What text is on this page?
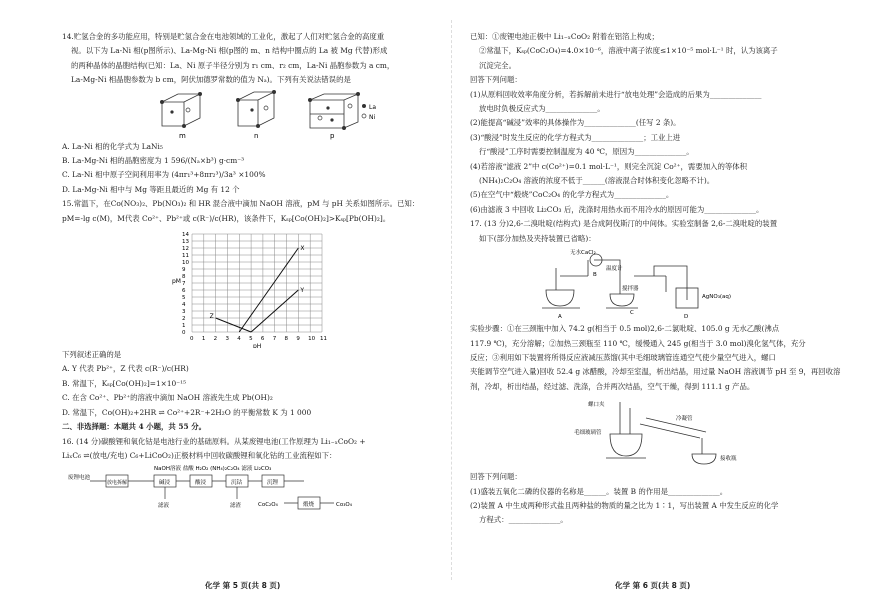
14.贮氢合金的多功能应用，特别是贮氢合金在电池领域的工业化，激起了人们对贮氢合金的高度重

视。以下为 La-Ni 相(p图所示)、La-Mg-Ni 相(p图的 m、n 结构中圈点的 La 被 Mg 代替)形成

的两种晶体的晶胞结构(已知：La、Ni 原子半径分别为 r₁ cm、r₂ cm，La-Ni 晶胞参数为 a cm，

La-Mg-Ni 相晶胞参数为 b cm，阿伏加德罗常数的值为 Nₐ)。下列有关说法错误的是

m	n	p
La
Ni

A. La-Ni 相的化学式为 LaNi₅

B. La-Mg-Ni 相的晶胞密度为 1 596/(Nₐ×b³) g·cm⁻³

C. La-Ni 相中原子空间利用率为 (4πr₁³+8πr₂³)/3a³ ×100%

D. La-Mg-Ni 相中与 Mg 等距且最近的 Mg 有 12 个

15.常温下，在Co(NO₃)₂、Pb(NO₃)₂ 和 HR 混合液中滴加 NaOH 溶液，pM 与 pH 关系如图所示。已知：

pM=-lg c(M)，M代表 Co²⁺、Pb²⁺或 c(R⁻)/c(HR)，该条件下，Kₛₚ[Co(OH)₂]>Kₛₚ[Pb(OH)₂]。

0 1 2 3 4 5 6 7 8 9 10 11
0
1
2
3
4
5
6
7
8
9
10
11
12
13
14
pH
pM
X
Y
Z

下列叙述正确的是

A. Y 代表 Pb²⁺，Z 代表 c(R⁻)/c(HR)

B. 常温下，Kₛₚ[Co(OH)₂]=1×10⁻¹⁵

C. 在含 Co²⁺、Pb²⁺的溶液中滴加 NaOH 溶液先生成 Pb(OH)₂

D. 常温下，Co(OH)₂+2HR ⇌ Co²⁺+2R⁻+2H₂O 的平衡常数 K 为 1 000

二、非选择题：本题共 4 小题，共 55 分。

16. (14 分)碳酸锂和氧化钴是电池行业的基础原料。从某废锂电池(工作原理为 Li₁₋ₓCoO₂ +

LiₓC₆ ⇌(放电/充电) C₆+LiCoO₂)正极材料中回收碳酸锂和氧化钴的工业流程如下：

NaOH溶液 盐酸 H₂O₂ (NH₄)₂C₂O₄ 滤液 Li₂CO₃
废锂电池
放电拆解	碱浸	酸浸	沉钴	沉锂
煅烧
滤液	滤渣	CoC₂O₄	Co₃O₄

已知：①废锂电池正极中 Li₁₋ₓCoO₂ 附着在铝箔上构成；

②常温下，Kₛₚ(CoC₂O₄)=4.0×10⁻⁶，溶液中离子浓度≤1×10⁻⁵ mol·L⁻¹ 时，认为该离子

沉淀完全。

回答下列问题：

(1)从原料回收效率角度分析，若拆解前未进行“放电处理”会造成的后果为______________

放电时负极反应式为______________。

(2)能提高“碱浸”效率的具体操作为______________(任写 2 条)。

(3)“酸浸”时发生反应的化学方程式为______________；工业上进

行“酸浸”工序时需要控制温度为 40 ℃，原因为______________。

(4)若溶液“滤液 2”中 c(Co²⁺)=0.1 mol·L⁻¹，则完全沉淀 Co²⁺，需要加入的等体积

(NH₄)₂C₂O₄ 溶液的浓度不低于______(溶液混合时体积变化忽略不计)。

(5)在空气中“煅烧”CoC₂O₄ 的化学方程式为______________。

(6)由滤液 3 中回收 Li₂CO₃ 后，洗涤时用热水而不用冷水的原因可能为______________。

17. (13 分)2,6-二溴吡啶(结构式) 是合成阿伐斯汀的中间体。实验室制备 2,6-二溴吡啶的装置

如下(部分加热及夹持装置已省略)：

无水CaCl₂
B
C
AgNO₃(aq)
D
A
温度计
搅拌器

实验步骤：①在三颈瓶中加入 74.2 g(相当于 0.5 mol)2,6-二氯吡啶、105.0 g 无水乙酸(沸点

117.9 ℃)，充分溶解；②加热三颈瓶至 110 ℃，缓慢通入 245 g(相当于 3.0 mol)溴化氢气体，充分

反应；③利用如下装置将所得反应液减压蒸馏(其中毛细玻璃管连通空气使少量空气进入，螺口

夹能调节空气进入量)回收 52.4 g 冰醋酸，冷却至室温，析出结晶，用过量 NaOH 溶液调节 pH 至 9，再回收溶

剂，冷却，析出结晶，经过滤、洗涤，合并两次结晶，空气干燥，得到 111.1 g 产品。

螺口夹
毛细玻璃管
冷凝管
接收瓶

回答下列问题：

(1)盛装五氧化二磷的仪器的名称是______。装置 B 的作用是______________。

(2)装置 A 中生成两种形式盐且两种盐的物质的量之比为 1∶1，写出装置 A 中发生反应的化学

方程式：______________。

化学 第 5 页(共 8 页)	化学 第 6 页(共 8 页)
